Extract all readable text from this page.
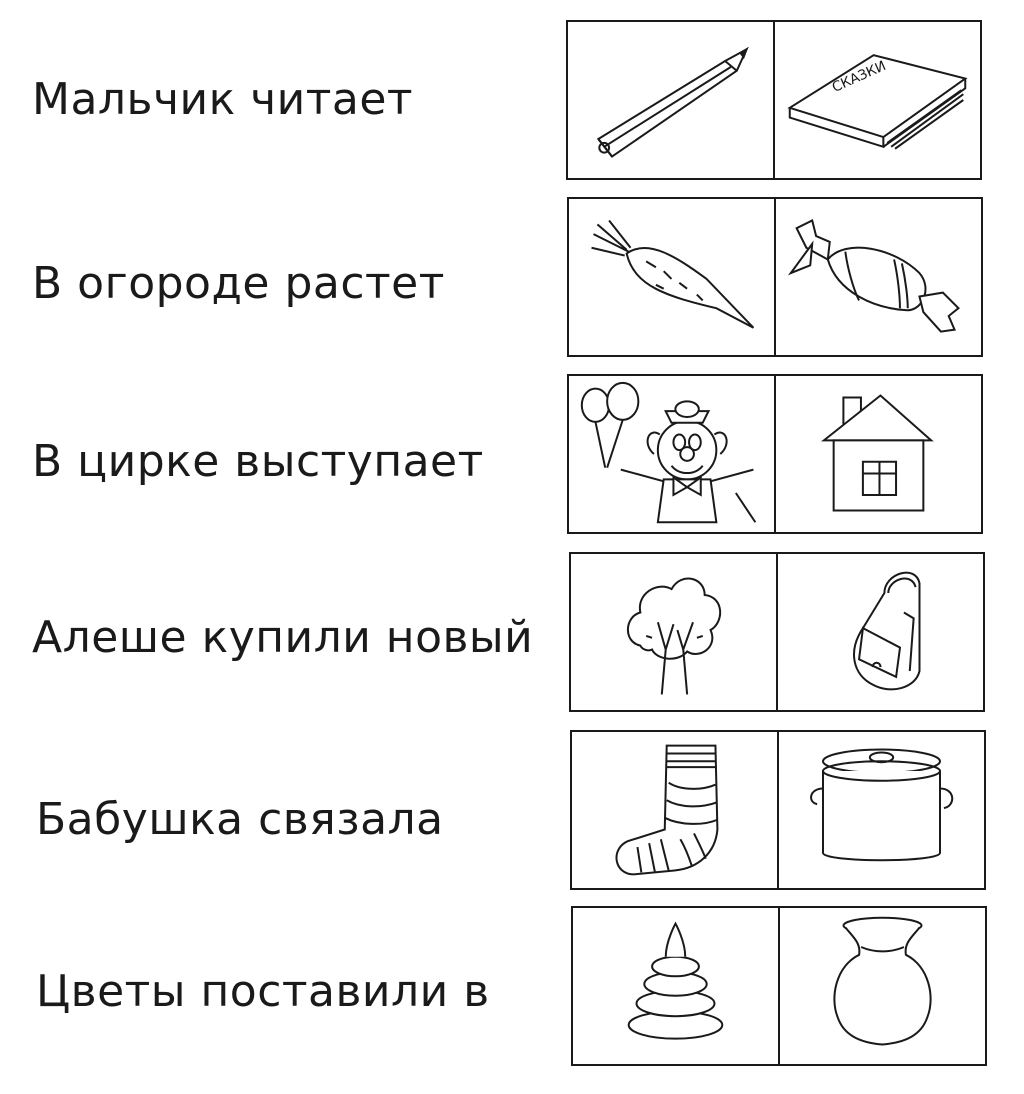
Мальчик читает	СКАЗКИ
В огороде растет
В цирке выступает
Алеше купили новый
Бабушка связала
Цветы поставили в
